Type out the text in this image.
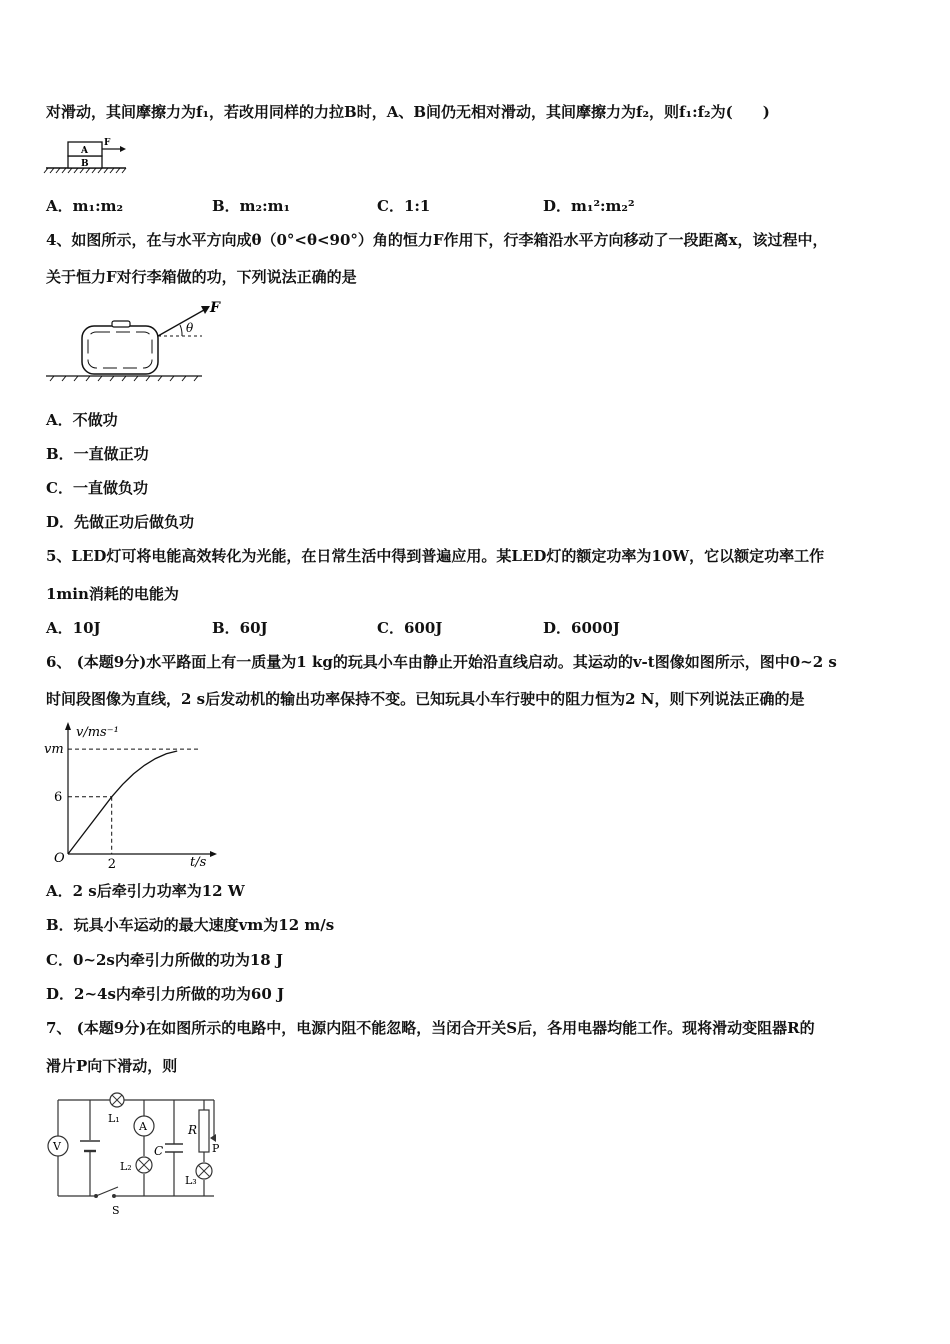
对滑动，其间摩擦力为f₁，若改用同样的力拉B时，A、B间仍无相对滑动，其间摩擦力为f₂，则f₁:f₂为(　　)
A
B
F
A．m₁:m₂	B．m₂:m₁	C．1:1	D．m₁²:m₂²
4、如图所示，在与水平方向成θ（0°<θ<90°）角的恒力F作用下，行李箱沿水平方向移动了一段距离x，该过程中，
关于恒力F对行李箱做的功，下列说法正确的是
F
θ
A．不做功
B．一直做正功
C．一直做负功
D．先做正功后做负功
5、LED灯可将电能高效转化为光能，在日常生活中得到普遍应用。某LED灯的额定功率为10W，它以额定功率工作
1min消耗的电能为
A．10J	B．60J	C．600J	D．6000J
6、 (本题9分)水平路面上有一质量为1 kg的玩具小车由静止开始沿直线启动。其运动的v-t图像如图所示，图中0~2 s
时间段图像为直线，2 s后发动机的输出功率保持不变。已知玩具小车行驶中的阻力恒为2 N，则下列说法正确的是
v/ms⁻¹
t/s
O
vm
2
6
A．2 s后牵引力功率为12 W
B．玩具小车运动的最大速度vm为12 m/s
C．0~2s内牵引力所做的功为18 J
D．2~4s内牵引力所做的功为60 J
7、 (本题9分)在如图所示的电路中，电源内阻不能忽略，当闭合开关S后，各用电器均能工作。现将滑动变阻器R的
滑片P向下滑动，则
V
L₁
A
L₂
C
R
P
L₃
S
